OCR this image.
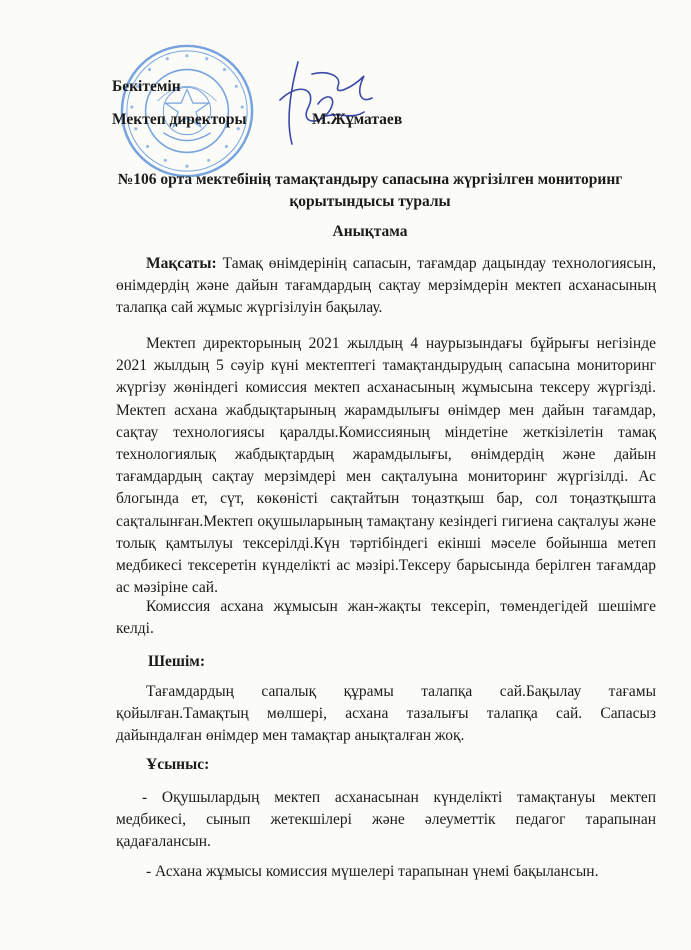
Бекітемін
Мектеп директоры	М.Жұматаев
№106 орта мектебінің тамақтандыру сапасына жүргізілген мониторинг қорытындысы туралы
Анықтама
Мақсаты: Тамақ өнімдерінің сапасын, тағамдар дацындау технологиясын, өнімдердің және дайын тағамдардың сақтау мерзімдерін мектеп асханасының талапқа сай жұмыс жүргізілуін бақылау.
Мектеп директорының 2021 жылдың 4 наурызындағы бұйрығы негізінде 2021 жылдың 5 сәуір күні мектептегі тамақтандырудың сапасына мониторинг жүргізу жөніндегі комиссия мектеп асханасының жұмысына тексеру жүргізді. Мектеп асхана жабдықтарының жарамдылығы өнімдер мен дайын тағамдар, сақтау технологиясы қаралды.Комиссияның міндетіне жеткізілетін тамақ технологиялық жабдықтардың жарамдылығы, өнімдердің және дайын тағамдардың сақтау мерзімдері мен сақталуына мониторинг жүргізілді. Ас блогында ет, сүт, көкөністі сақтайтын тоңазтқыш бар, сол тоңазтқышта сақталынған.Мектеп оқушыларының тамақтану кезіндегі гигиена сақталуы және толық қамтылуы тексерілді.Күн тәртібіндегі екінші мәселе бойынша метеп медбикесі тексеретін күнделікті ас мәзірі.Тексеру барысында берілген тағамдар ас мәзіріне сай.
Комиссия асхана жұмысын жан-жақты тексеріп, төмендегідей шешімге келді.
Шешім:
Тағамдардың сапалық құрамы талапқа сай.Бақылау тағамы қойылған.Тамақтың мөлшері, асхана тазалығы талапқа сай. Сапасыз дайындалған өнімдер мен тамақтар анықталған жоқ.
Ұсыныс:
- Оқушылардың мектеп асханасынан күнделікті тамақтануы мектеп медбикесі, сынып жетекшілері және әлеуметтік педагог тарапынан қадағалансын.
- Асхана жұмысы комиссия мүшелері тарапынан үнемі бақылансын.
